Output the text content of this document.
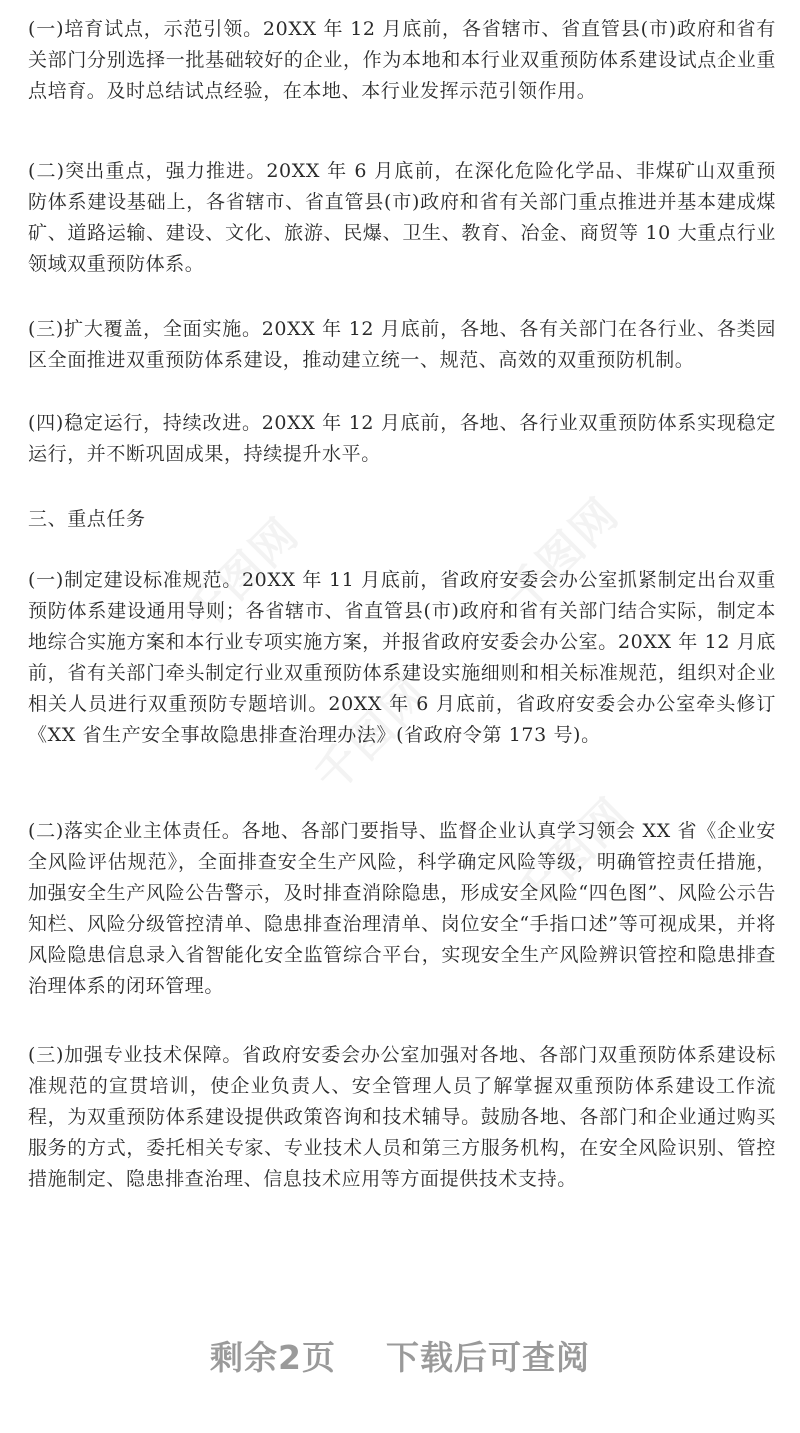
千图网	千图网
千图网
千图网

(一)培育试点，示范引领。20XX 年 12 月底前，各省辖市、省直管县(市)政府和省有关部门分别选择一批基础较好的企业，作为本地和本行业双重预防体系建设试点企业重点培育。及时总结试点经验，在本地、本行业发挥示范引领作用。

(二)突出重点，强力推进。20XX 年 6 月底前，在深化危险化学品、非煤矿山双重预防体系建设基础上，各省辖市、省直管县(市)政府和省有关部门重点推进并基本建成煤矿、道路运输、建设、文化、旅游、民爆、卫生、教育、冶金、商贸等 10 大重点行业领域双重预防体系。

(三)扩大覆盖，全面实施。20XX 年 12 月底前，各地、各有关部门在各行业、各类园区全面推进双重预防体系建设，推动建立统一、规范、高效的双重预防机制。

(四)稳定运行，持续改进。20XX 年 12 月底前，各地、各行业双重预防体系实现稳定运行，并不断巩固成果，持续提升水平。

三、重点任务

(一)制定建设标准规范。20XX 年 11 月底前，省政府安委会办公室抓紧制定出台双重预防体系建设通用导则；各省辖市、省直管县(市)政府和省有关部门结合实际，制定本地综合实施方案和本行业专项实施方案，并报省政府安委会办公室。20XX 年 12 月底前，省有关部门牵头制定行业双重预防体系建设实施细则和相关标准规范，组织对企业相关人员进行双重预防专题培训。20XX 年 6 月底前，省政府安委会办公室牵头修订《XX 省生产安全事故隐患排查治理办法》(省政府令第 173 号)。

(二)落实企业主体责任。各地、各部门要指导、监督企业认真学习领会 XX 省《企业安全风险评估规范》，全面排查安全生产风险，科学确定风险等级，明确管控责任措施，加强安全生产风险公告警示，及时排查消除隐患，形成安全风险“四色图”、风险公示告知栏、风险分级管控清单、隐患排查治理清单、岗位安全“手指口述”等可视成果，并将风险隐患信息录入省智能化安全监管综合平台，实现安全生产风险辨识管控和隐患排查治理体系的闭环管理。

(三)加强专业技术保障。省政府安委会办公室加强对各地、各部门双重预防体系建设标准规范的宣贯培训，使企业负责人、安全管理人员了解掌握双重预防体系建设工作流程，为双重预防体系建设提供政策咨询和技术辅导。鼓励各地、各部门和企业通过购买服务的方式，委托相关专家、专业技术人员和第三方服务机构，在安全风险识别、管控措施制定、隐患排查治理、信息技术应用等方面提供技术支持。

剩余2页 下载后可查阅
